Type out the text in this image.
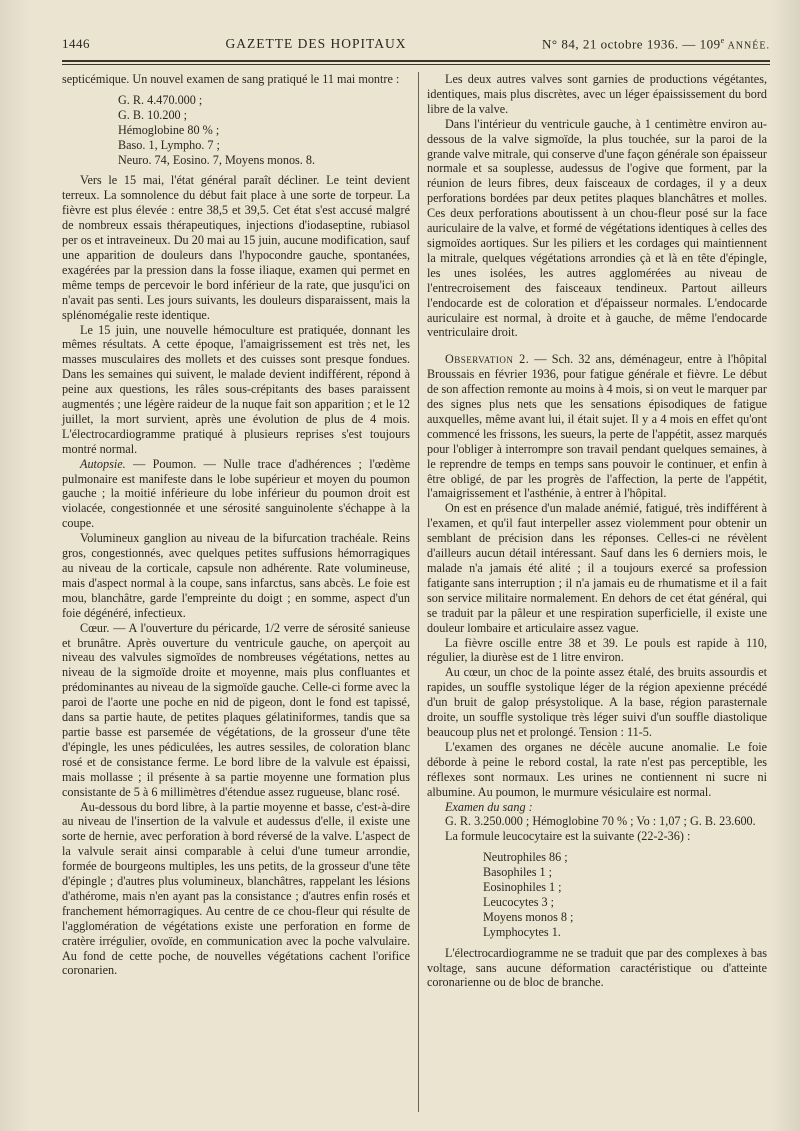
1446	GAZETTE DES HOPITAUX	N° 84, 21 octobre 1936. — 109e ANNÉE.

septicémique. Un nouvel examen de sang pratiqué le 11 mai montre :

G. R. 4.470.000 ;
G. B. 10.200 ;
Hémoglobine 80 % ;
Baso. 1, Lympho. 7 ;
Neuro. 74, Eosino. 7, Moyens monos. 8.

Vers le 15 mai, l'état général paraît décliner. Le teint devient terreux. La somnolence du début fait place à une sorte de torpeur. La fièvre est plus élevée : entre 38,5 et 39,5. Cet état s'est accusé malgré de nombreux essais thérapeutiques, injections d'iodaseptine, rubiasol per os et intraveineux. Du 20 mai au 15 juin, aucune modification, sauf une apparition de douleurs dans l'hypocondre gauche, spontanées, exagérées par la pression dans la fosse iliaque, examen qui permet en même temps de percevoir le bord inférieur de la rate, que jusqu'ici on n'avait pas senti. Les jours suivants, les douleurs disparaissent, mais la splénomégalie reste identique.

Le 15 juin, une nouvelle hémoculture est pratiquée, donnant les mêmes résultats. A cette époque, l'amaigrissement est très net, les masses musculaires des mollets et des cuisses sont presque fondues. Dans les semaines qui suivent, le malade devient indifférent, répond à peine aux questions, les râles sous-crépitants des bases paraissent augmentés ; une légère raideur de la nuque fait son apparition ; et le 12 juillet, la mort survient, après une évolution de plus de 4 mois. L'électrocardiogramme pratiqué à plusieurs reprises s'est toujours montré normal.

Autopsie. — Poumon. — Nulle trace d'adhérences ; l'œdème pulmonaire est manifeste dans le lobe supérieur et moyen du poumon gauche ; la moitié inférieure du lobe inférieur du poumon droit est violacée, congestionnée et une sérosité sanguinolente s'échappe à la coupe.

Volumineux ganglion au niveau de la bifurcation trachéale. Reins gros, congestionnés, avec quelques petites suffusions hémorragiques au niveau de la corticale, capsule non adhérente. Rate volumineuse, mais d'aspect normal à la coupe, sans infarctus, sans abcès. Le foie est mou, blanchâtre, garde l'empreinte du doigt ; en somme, aspect d'un foie dégénéré, infectieux.

Cœur. — A l'ouverture du péricarde, 1/2 verre de sérosité sanieuse et brunâtre. Après ouverture du ventricule gauche, on aperçoit au niveau des valvules sigmoïdes de nombreuses végétations, nettes au niveau de la sigmoïde droite et moyenne, mais plus confluantes et prédominantes au niveau de la sigmoïde gauche. Celle-ci forme avec la paroi de l'aorte une poche en nid de pigeon, dont le fond est tapissé, dans sa partie haute, de petites plaques gélatiniformes, tandis que sa partie basse est parsemée de végétations, de la grosseur d'une tête d'épingle, les unes pédiculées, les autres sessiles, de coloration blanc rosé et de consistance ferme. Le bord libre de la valvule est épaissi, mais mollasse ; il présente à sa partie moyenne une formation plus consistante de 5 à 6 millimètres d'étendue assez rugueuse, blanc rosé.

Au-dessous du bord libre, à la partie moyenne et basse, c'est-à-dire au niveau de l'insertion de la valvule et audessus d'elle, il existe une sorte de hernie, avec perforation à bord réversé de la valve. L'aspect de la valvule serait ainsi comparable à celui d'une tumeur arrondie, formée de bourgeons multiples, les uns petits, de la grosseur d'une tête d'épingle ; d'autres plus volumineux, blanchâtres, rappelant les lésions d'athérome, mais n'en ayant pas la consistance ; d'autres enfin rosés et franchement hémorragiques. Au centre de ce chou-fleur qui résulte de l'agglomération de végétations existe une perforation en forme de cratère irrégulier, ovoïde, en communication avec la poche valvulaire. Au fond de cette poche, de nouvelles végétations cachent l'orifice coronarien.

Les deux autres valves sont garnies de productions végétantes, identiques, mais plus discrètes, avec un léger épaississement du bord libre de la valve.

Dans l'intérieur du ventricule gauche, à 1 centimètre environ au-dessous de la valve sigmoïde, la plus touchée, sur la paroi de la grande valve mitrale, qui conserve d'une façon générale son épaisseur normale et sa souplesse, audessus de l'ogive que forment, par la réunion de leurs fibres, deux faisceaux de cordages, il y a deux perforations bordées par deux petites plaques blanchâtres et molles. Ces deux perforations aboutissent à un chou-fleur posé sur la face auriculaire de la valve, et formé de végétations identiques à celles des sigmoïdes aortiques. Sur les piliers et les cordages qui maintiennent la mitrale, quelques végétations arrondies çà et là en tête d'épingle, les unes isolées, les autres agglomérées au niveau de l'entrecroisement des faisceaux tendineux. Partout ailleurs l'endocarde est de coloration et d'épaisseur normales. L'endocarde auriculaire est normal, à droite et à gauche, de même l'endocarde ventriculaire droit.

Observation 2. — Sch. 32 ans, déménageur, entre à l'hôpital Broussais en février 1936, pour fatigue générale et fièvre. Le début de son affection remonte au moins à 4 mois, si on veut le marquer par des signes plus nets que les sensations épisodiques de fatigue auxquelles, même avant lui, il était sujet. Il y a 4 mois en effet qu'ont commencé les frissons, les sueurs, la perte de l'appétit, assez marqués pour l'obliger à interrompre son travail pendant quelques semaines, à le reprendre de temps en temps sans pouvoir le continuer, et enfin à être obligé, de par les progrès de l'affection, la perte de l'appétit, l'amaigrissement et l'asthénie, à entrer à l'hôpital.

On est en présence d'un malade anémié, fatigué, très indifférent à l'examen, et qu'il faut interpeller assez violemment pour obtenir un semblant de précision dans les réponses. Celles-ci ne révèlent d'ailleurs aucun détail intéressant. Sauf dans les 6 derniers mois, le malade n'a jamais été alité ; il a toujours exercé sa profession fatigante sans interruption ; il n'a jamais eu de rhumatisme et il a fait son service militaire normalement. En dehors de cet état général, qui se traduit par la pâleur et une respiration superficielle, il existe une douleur lombaire et articulaire assez vague.

La fièvre oscille entre 38 et 39. Le pouls est rapide à 110, régulier, la diurèse est de 1 litre environ.

Au cœur, un choc de la pointe assez étalé, des bruits assourdis et rapides, un souffle systolique léger de la région apexienne précédé d'un bruit de galop présystolique. A la base, région parasternale droite, un souffle systolique très léger suivi d'un souffle diastolique beaucoup plus net et prolongé. Tension : 11-5.

L'examen des organes ne décèle aucune anomalie. Le foie déborde à peine le rebord costal, la rate n'est pas perceptible, les réflexes sont normaux. Les urines ne contiennent ni sucre ni albumine. Au poumon, le murmure vésiculaire est normal.

Examen du sang :

G. R. 3.250.000 ; Hémoglobine 70 % ; Vo : 1,07 ; G. B. 23.600.

La formule leucocytaire est la suivante (22-2-36) :

Neutrophiles 86 ;
Basophiles 1 ;
Eosinophiles 1 ;
Leucocytes 3 ;
Moyens monos 8 ;
Lymphocytes 1.

L'électrocardiogramme ne se traduit que par des complexes à bas voltage, sans aucune déformation caractéristique ou d'atteinte coronarienne ou de bloc de branche.
